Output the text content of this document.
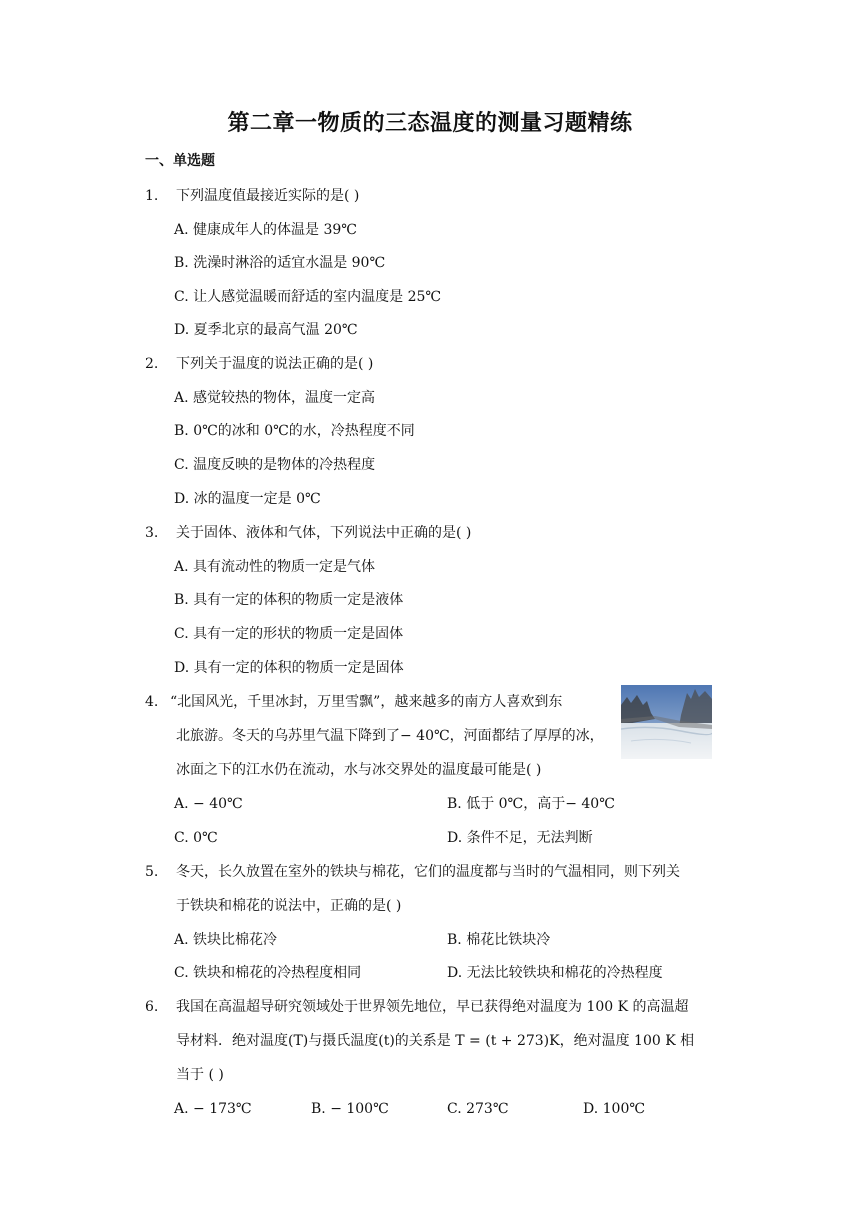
第二章一物质的三态温度的测量习题精练
一、单选题
1. 下列温度值最接近实际的是( )
A. 健康成年人的体温是 39℃
B. 洗澡时淋浴的适宜水温是 90℃
C. 让人感觉温暖而舒适的室内温度是 25℃
D. 夏季北京的最高气温 20℃
2. 下列关于温度的说法正确的是( )
A. 感觉较热的物体，温度一定高
B. 0℃的冰和 0℃的水，冷热程度不同
C. 温度反映的是物体的冷热程度
D. 冰的温度一定是 0℃
3. 关于固体、液体和气体，下列说法中正确的是( )
A. 具有流动性的物质一定是气体
B. 具有一定的体积的物质一定是液体
C. 具有一定的形状的物质一定是固体
D. 具有一定的体积的物质一定是固体
4. “北国风光，千里冰封，万里雪飘”，越来越多的南方人喜欢到东
北旅游。冬天的乌苏里气温下降到了− 40℃，河面都结了厚厚的冰，
冰面之下的江水仍在流动，水与冰交界处的温度最可能是( )
A. − 40℃	B. 低于 0℃，高于− 40℃
C. 0℃	D. 条件不足，无法判断
5. 冬天，长久放置在室外的铁块与棉花，它们的温度都与当时的气温相同，则下列关
于铁块和棉花的说法中，正确的是( )
A. 铁块比棉花冷	B. 棉花比铁块冷
C. 铁块和棉花的冷热程度相同	D. 无法比较铁块和棉花的冷热程度
6. 我国在高温超导研究领域处于世界领先地位，早已获得绝对温度为 100 K 的高温超
导材料．绝对温度(T)与摄氏温度(t)的关系是 T = (t + 273)K，绝对温度 100 K 相
当于 ( )
A. − 173℃	B. − 100℃	C. 273℃	D. 100℃
